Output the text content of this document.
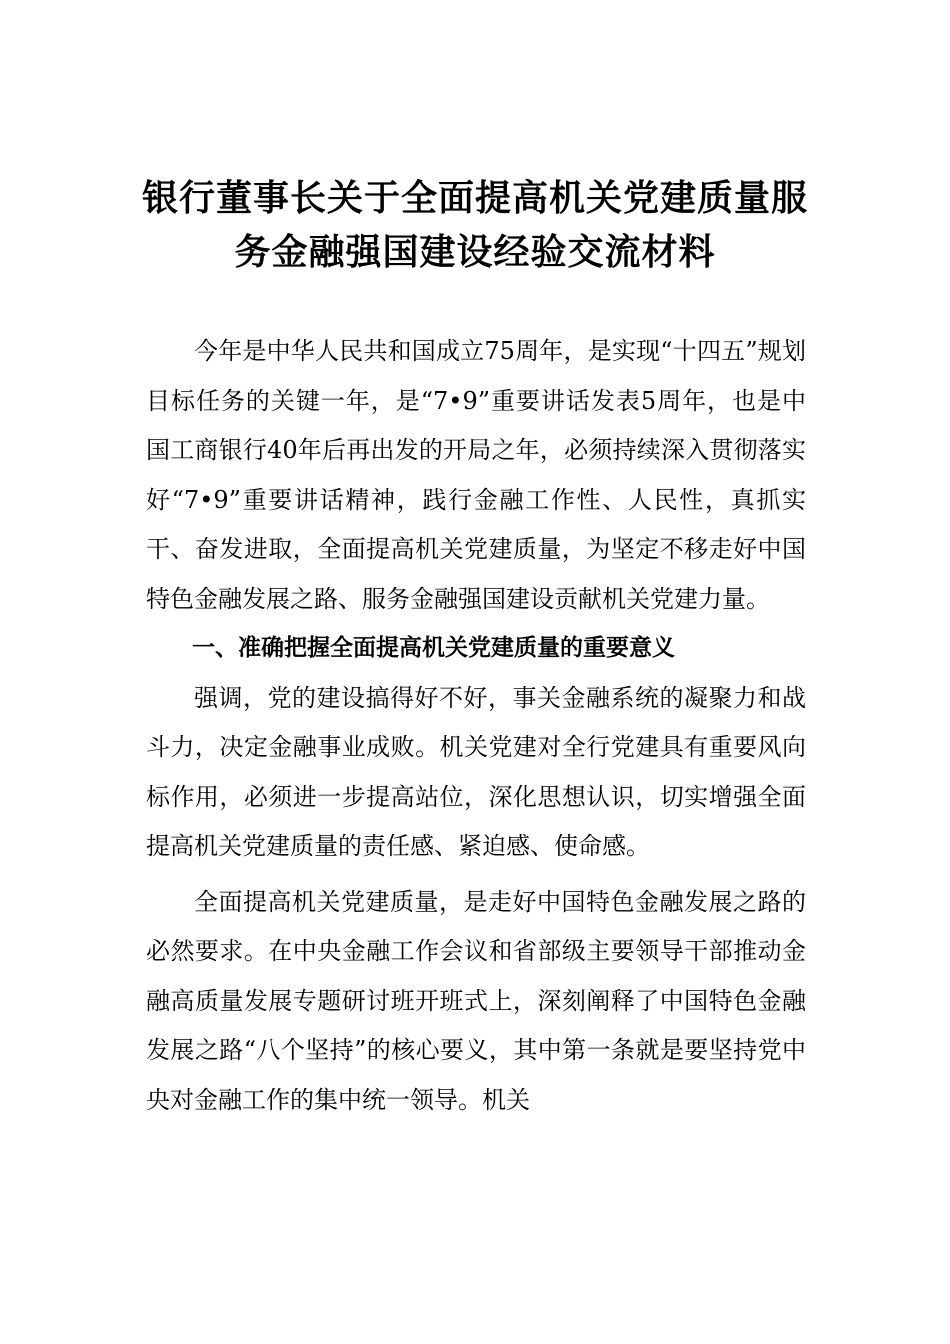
银行董事长关于全面提高机关党建质量服
务金融强国建设经验交流材料

今年是中华人民共和国成立75周年，是实现“十四五”规划目标任务的关键一年，是“7•9”重要讲话发表5周年，也是中国工商银行40年后再出发的开局之年，必须持续深入贯彻落实好“7•9”重要讲话精神，践行金融工作性、人民性，真抓实干、奋发进取，全面提高机关党建质量，为坚定不移走好中国特色金融发展之路、服务金融强国建设贡献机关党建力量。

一、准确把握全面提高机关党建质量的重要意义

强调，党的建设搞得好不好，事关金融系统的凝聚力和战斗力，决定金融事业成败。机关党建对全行党建具有重要风向标作用，必须进一步提高站位，深化思想认识，切实增强全面提高机关党建质量的责任感、紧迫感、使命感。

全面提高机关党建质量，是走好中国特色金融发展之路的必然要求。在中央金融工作会议和省部级主要领导干部推动金融高质量发展专题研讨班开班式上，深刻阐释了中国特色金融发展之路“八个坚持”的核心要义，其中第一条就是要坚持党中央对金融工作的集中统一领导。机关
